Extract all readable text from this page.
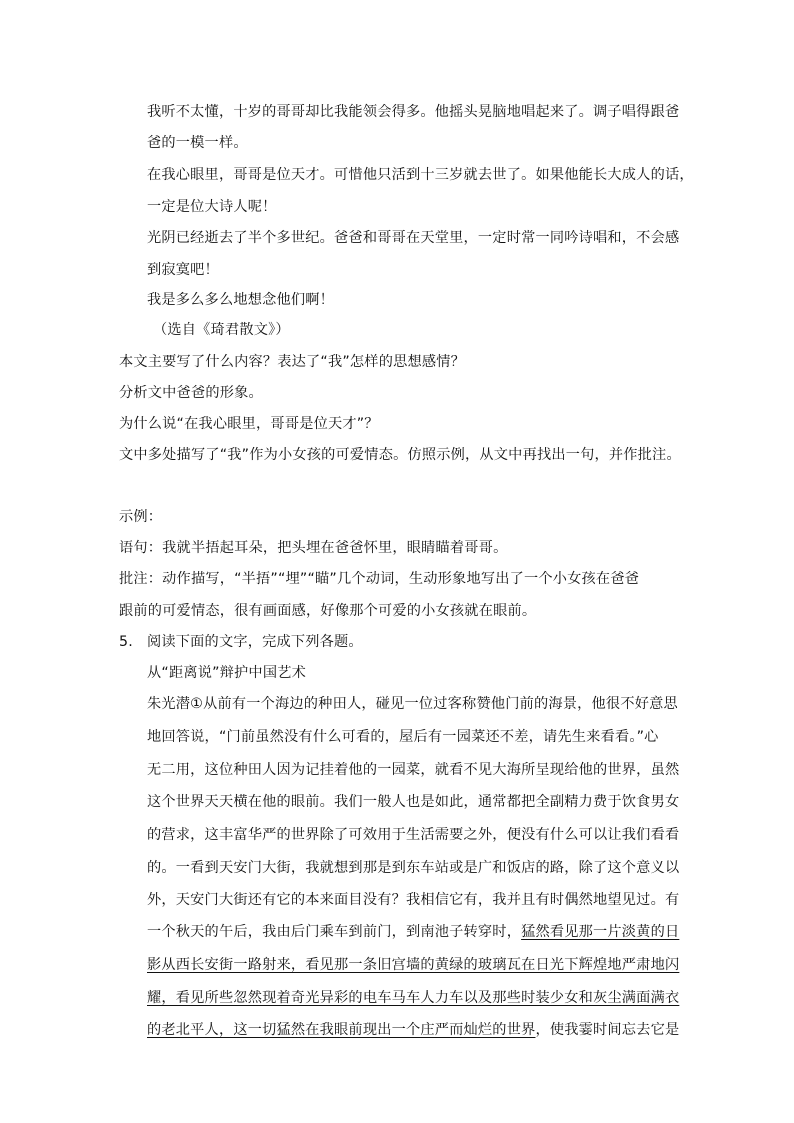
我听不太懂，十岁的哥哥却比我能领会得多。他摇头晃脑地唱起来了。调子唱得跟爸
爸的一模一样。
在我心眼里，哥哥是位天才。可惜他只活到十三岁就去世了。如果他能长大成人的话，
一定是位大诗人呢！
光阴已经逝去了半个多世纪。爸爸和哥哥在天堂里，一定时常一同吟诗唱和，不会感
到寂寞吧！
我是多么多么地想念他们啊！
（选自《琦君散文》）
本文主要写了什么内容？表达了“我”怎样的思想感情？
分析文中爸爸的形象。
为什么说“在我心眼里，哥哥是位天才”？
文中多处描写了“我”作为小女孩的可爱情态。仿照示例，从文中再找出一句，并作批注。
示例：
语句：我就半捂起耳朵，把头埋在爸爸怀里，眼睛瞄着哥哥。
批注：动作描写，“半捂”“埋”“瞄”几个动词，生动形象地写出了一个小女孩在爸爸
跟前的可爱情态，很有画面感，好像那个可爱的小女孩就在眼前。
5. 阅读下面的文字，完成下列各题。
从“距离说”辩护中国艺术
朱光潜①从前有一个海边的种田人，碰见一位过客称赞他门前的海景，他很不好意思
地回答说，“门前虽然没有什么可看的，屋后有一园菜还不差，请先生来看看。”心
无二用，这位种田人因为记挂着他的一园菜，就看不见大海所呈现给他的世界，虽然
这个世界天天横在他的眼前。我们一般人也是如此，通常都把全副精力费于饮食男女
的营求，这丰富华严的世界除了可效用于生活需要之外，便没有什么可以让我们看看
的。一看到天安门大街，我就想到那是到东车站或是广和饭店的路，除了这个意义以
外，天安门大街还有它的本来面目没有？我相信它有，我并且有时偶然地望见过。有
一个秋天的午后，我由后门乘车到前门，到南池子转穿时，猛然看见那一片淡黄的日
影从西长安街一路射来，看见那一条旧宫墙的黄绿的玻璃瓦在日光下辉煌地严肃地闪
耀，看见所些忽然现着奇光异彩的电车马车人力车以及那些时装少女和灰尘满面满衣
的老北平人，这一切猛然在我眼前现出一个庄严而灿烂的世界，使我霎时间忘去它是
